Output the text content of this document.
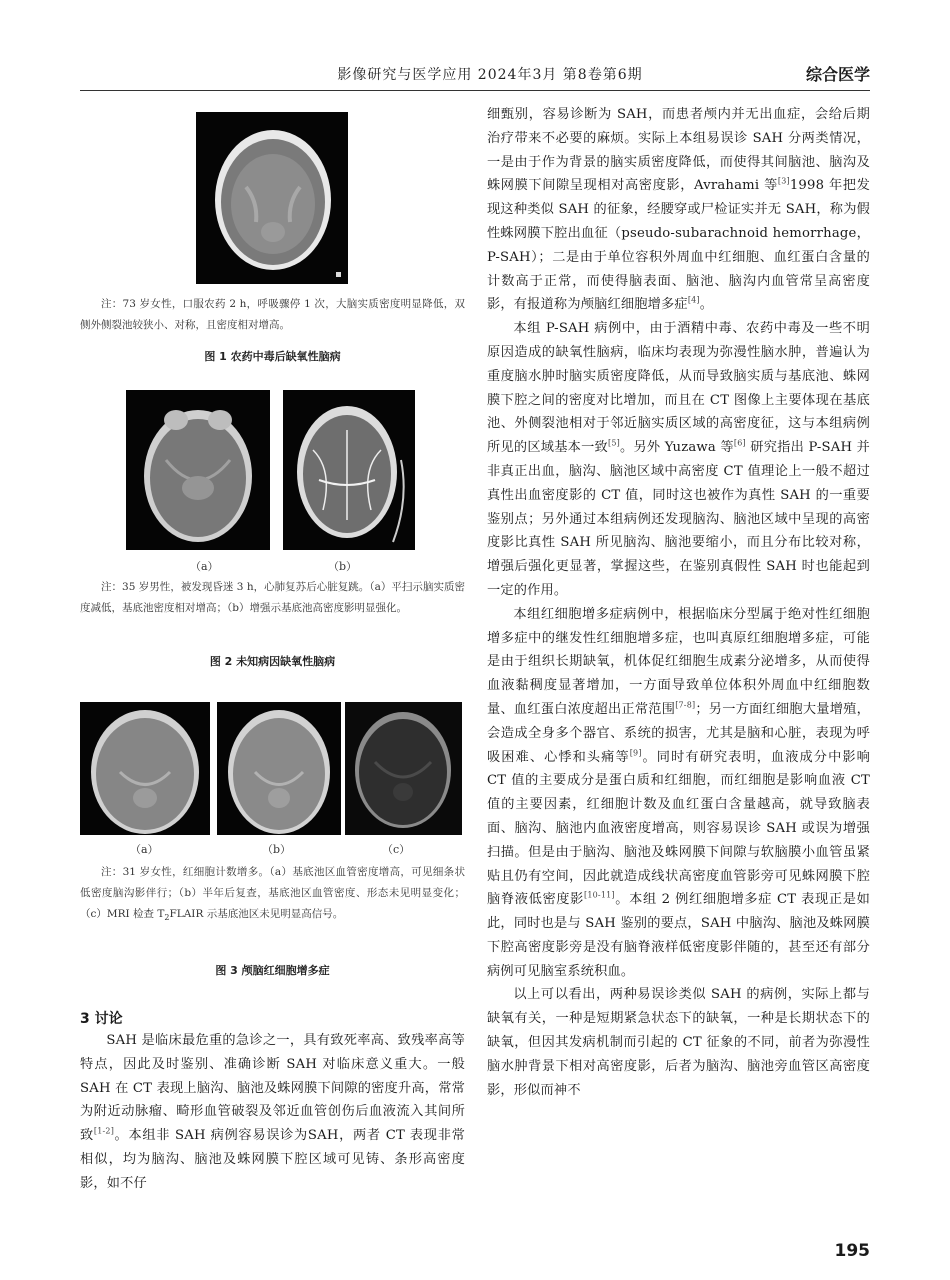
影像研究与医学应用 2024年3月 第8卷第6期	综合医学
注：73 岁女性，口服农药 2 h，呼吸骤停 1 次，大脑实质密度明显降低，双侧外侧裂池较狭小、对称，且密度相对增高。
图 1 农药中毒后缺氧性脑病
（a）	（b）
注：35 岁男性，被发现昏迷 3 h，心肺复苏后心脏复跳。（a）平扫示脑实质密度减低，基底池密度相对增高；（b）增强示基底池高密度影明显强化。
图 2 未知病因缺氧性脑病
（a）	（b）	（c）
注：31 岁女性，红细胞计数增多。（a）基底池区血管密度增高，可见细条状低密度脑沟影伴行；（b）半年后复查，基底池区血管密度、形态未见明显变化；（c）MRI 检查 $T_2FLAIR$ 示基底池区未见明显高信号。
图 3 颅脑红细胞增多症
3 讨论

SAH 是临床最危重的急诊之一，具有致死率高、致残率高等特点，因此及时鉴别、准确诊断 SAH 对临床意义重大。一般 SAH 在 CT 表现上脑沟、脑池及蛛网膜下间隙的密度升高，常常为附近动脉瘤、畸形血管破裂及邻近血管创伤后血液流入其间所致[1-2]。本组非 SAH 病例容易误诊为SAH，两者 CT 表现非常相似，均为脑沟、脑池及蛛网膜下腔区域可见铸、条形高密度影，如不仔

细甄别，容易诊断为 SAH，而患者颅内并无出血症，会给后期治疗带来不必要的麻烦。实际上本组易误诊 SAH 分两类情况，一是由于作为背景的脑实质密度降低，而使得其间脑池、脑沟及蛛网膜下间隙呈现相对高密度影，Avrahami 等[3]1998 年把发现这种类似 SAH 的征象，经腰穿或尸检证实并无 SAH，称为假性蛛网膜下腔出血征（pseudo-subarachnoid hemorrhage，P-SAH）；二是由于单位容积外周血中红细胞、血红蛋白含量的计数高于正常，而使得脑表面、脑池、脑沟内血管常呈高密度影，有报道称为颅脑红细胞增多症[4]。

本组 P-SAH 病例中，由于酒精中毒、农药中毒及一些不明原因造成的缺氧性脑病，临床均表现为弥漫性脑水肿，普遍认为重度脑水肿时脑实质密度降低，从而导致脑实质与基底池、蛛网膜下腔之间的密度对比增加，而且在 CT 图像上主要体现在基底池、外侧裂池相对于邻近脑实质区域的高密度征，这与本组病例所见的区域基本一致[5]。另外 Yuzawa 等[6] 研究指出 P-SAH 并非真正出血，脑沟、脑池区域中高密度 CT 值理论上一般不超过真性出血密度影的 CT 值，同时这也被作为真性 SAH 的一重要鉴别点；另外通过本组病例还发现脑沟、脑池区域中呈现的高密度影比真性 SAH 所见脑沟、脑池要缩小，而且分布比较对称，增强后强化更显著，掌握这些，在鉴别真假性 SAH 时也能起到一定的作用。

本组红细胞增多症病例中，根据临床分型属于绝对性红细胞增多症中的继发性红细胞增多症，也叫真原红细胞增多症，可能是由于组织长期缺氧，机体促红细胞生成素分泌增多，从而使得血液黏稠度显著增加，一方面导致单位体积外周血中红细胞数量、血红蛋白浓度超出正常范围[7-8]；另一方面红细胞大量增殖，会造成全身多个器官、系统的损害，尤其是脑和心脏，表现为呼吸困难、心悸和头痛等[9]。同时有研究表明，血液成分中影响 CT 值的主要成分是蛋白质和红细胞，而红细胞是影响血液 CT 值的主要因素，红细胞计数及血红蛋白含量越高，就导致脑表面、脑沟、脑池内血液密度增高，则容易误诊 SAH 或误为增强扫描。但是由于脑沟、脑池及蛛网膜下间隙与软脑膜小血管虽紧贴且仍有空间，因此就造成线状高密度血管影旁可见蛛网膜下腔脑脊液低密度影[10-11]。本组 2 例红细胞增多症 CT 表现正是如此，同时也是与 SAH 鉴别的要点，SAH 中脑沟、脑池及蛛网膜下腔高密度影旁是没有脑脊液样低密度影伴随的，甚至还有部分病例可见脑室系统积血。

以上可以看出，两种易误诊类似 SAH 的病例，实际上都与缺氧有关，一种是短期紧急状态下的缺氧，一种是长期状态下的缺氧，但因其发病机制而引起的 CT 征象的不同，前者为弥漫性脑水肿背景下相对高密度影，后者为脑沟、脑池旁血管区高密度影，形似而神不

195
